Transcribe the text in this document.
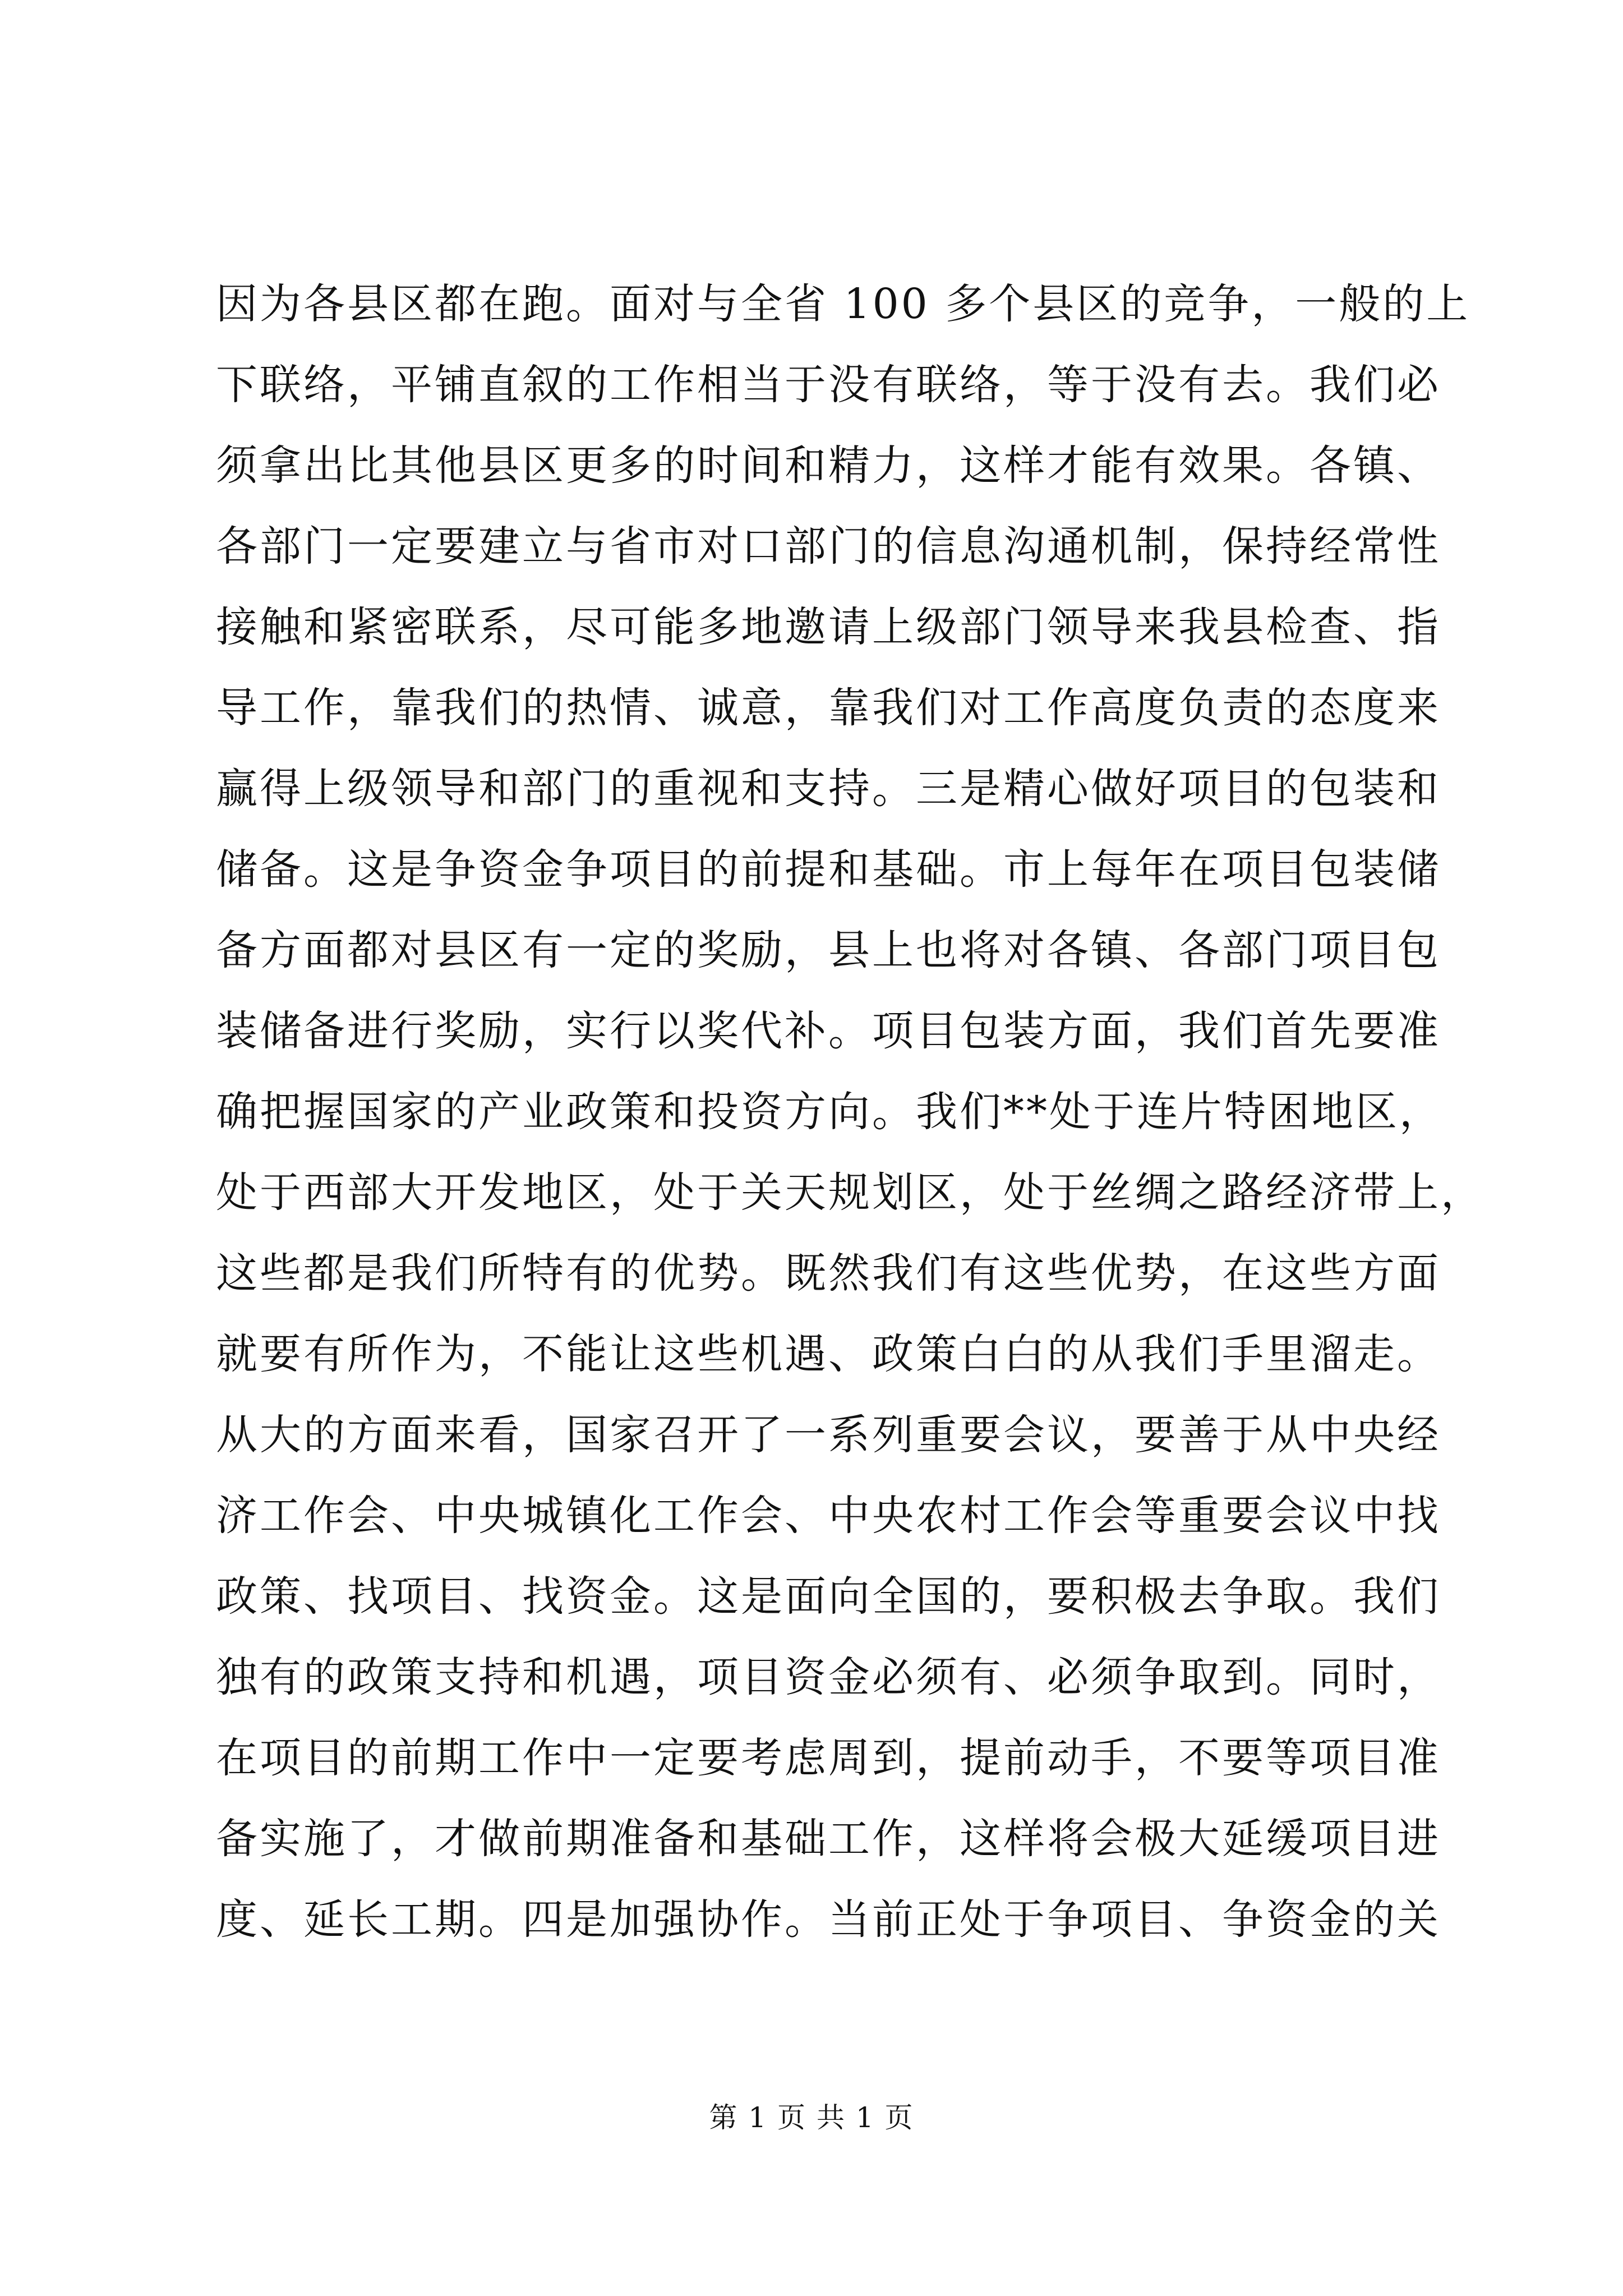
因为各县区都在跑。面对与全省 100 多个县区的竞争，一般的上
下联络，平铺直叙的工作相当于没有联络，等于没有去。我们必
须拿出比其他县区更多的时间和精力，这样才能有效果。各镇、
各部门一定要建立与省市对口部门的信息沟通机制，保持经常性
接触和紧密联系，尽可能多地邀请上级部门领导来我县检查、指
导工作，靠我们的热情、诚意，靠我们对工作高度负责的态度来
赢得上级领导和部门的重视和支持。三是精心做好项目的包装和
储备。这是争资金争项目的前提和基础。市上每年在项目包装储
备方面都对县区有一定的奖励，县上也将对各镇、各部门项目包
装储备进行奖励，实行以奖代补。项目包装方面，我们首先要准
确把握国家的产业政策和投资方向。我们**处于连片特困地区，
处于西部大开发地区，处于关天规划区，处于丝绸之路经济带上，
这些都是我们所特有的优势。既然我们有这些优势，在这些方面
就要有所作为，不能让这些机遇、政策白白的从我们手里溜走。
从大的方面来看，国家召开了一系列重要会议，要善于从中央经
济工作会、中央城镇化工作会、中央农村工作会等重要会议中找
政策、找项目、找资金。这是面向全国的，要积极去争取。我们
独有的政策支持和机遇，项目资金必须有、必须争取到。同时，
在项目的前期工作中一定要考虑周到，提前动手，不要等项目准
备实施了，才做前期准备和基础工作，这样将会极大延缓项目进
度、延长工期。四是加强协作。当前正处于争项目、争资金的关
第 1 页 共 1 页
